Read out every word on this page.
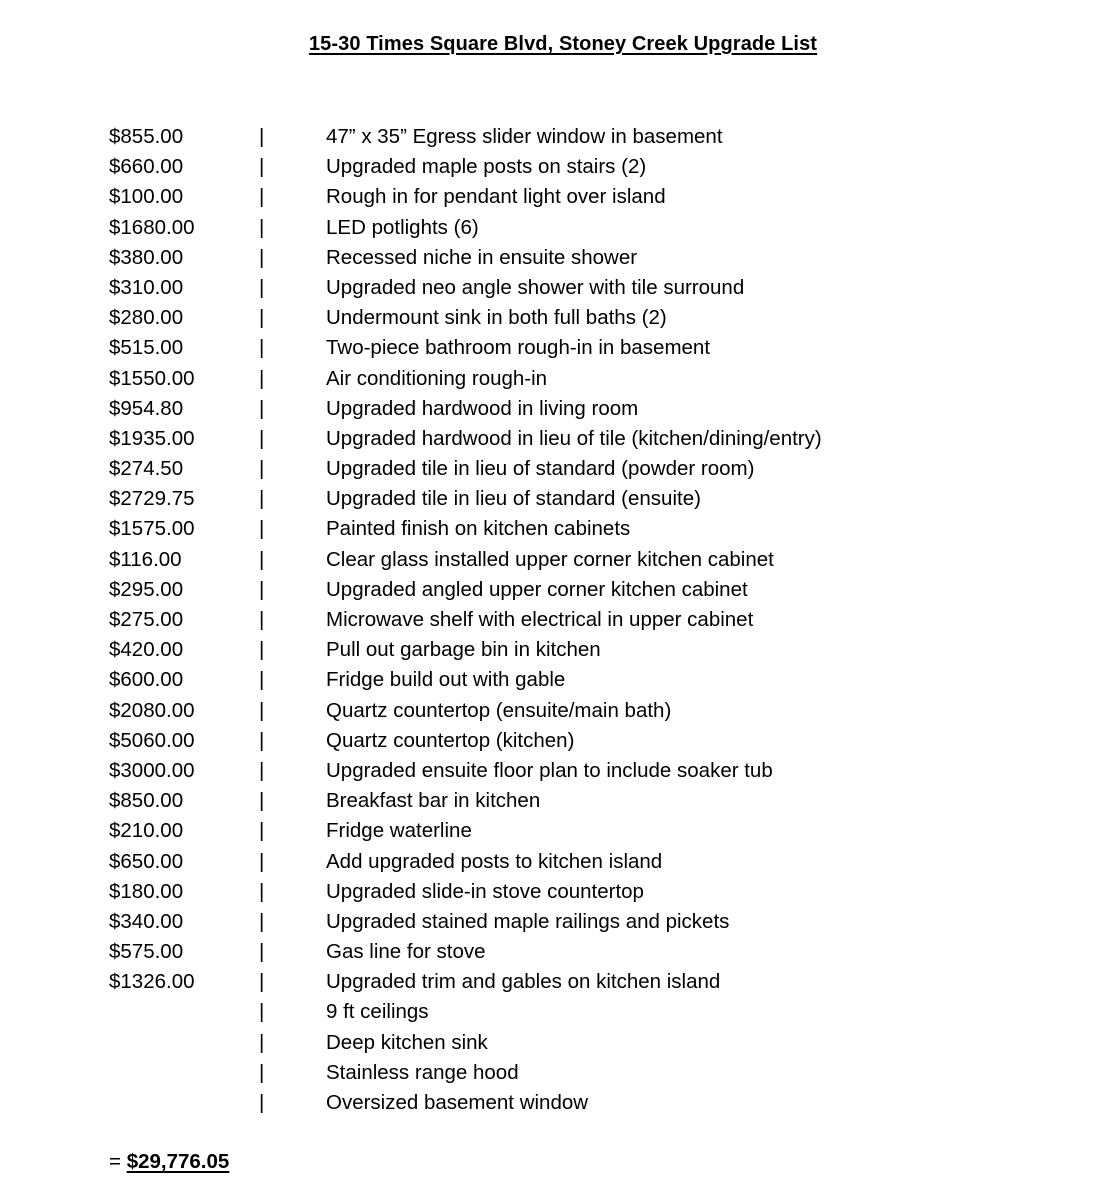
15-30 Times Square Blvd, Stoney Creek Upgrade List
$855.00	|	47” x 35” Egress slider window in basement
$660.00	|	Upgraded maple posts on stairs (2)
$100.00	|	Rough in for pendant light over island
$1680.00	|	LED potlights (6)
$380.00	|	Recessed niche in ensuite shower
$310.00	|	Upgraded neo angle shower with tile surround
$280.00	|	Undermount sink in both full baths (2)
$515.00	|	Two-piece bathroom rough-in in basement
$1550.00	|	Air conditioning rough-in
$954.80	|	Upgraded hardwood in living room
$1935.00	|	Upgraded hardwood in lieu of tile (kitchen/dining/entry)
$274.50	|	Upgraded tile in lieu of standard (powder room)
$2729.75	|	Upgraded tile in lieu of standard (ensuite)
$1575.00	|	Painted finish on kitchen cabinets
$116.00	|	Clear glass installed upper corner kitchen cabinet
$295.00	|	Upgraded angled upper corner kitchen cabinet
$275.00	|	Microwave shelf with electrical in upper cabinet
$420.00	|	Pull out garbage bin in kitchen
$600.00	|	Fridge build out with gable
$2080.00	|	Quartz countertop (ensuite/main bath)
$5060.00	|	Quartz countertop (kitchen)
$3000.00	|	Upgraded ensuite floor plan to include soaker tub
$850.00	|	Breakfast bar in kitchen
$210.00	|	Fridge waterline
$650.00	|	Add upgraded posts to kitchen island
$180.00	|	Upgraded slide-in stove countertop
$340.00	|	Upgraded stained maple railings and pickets
$575.00	|	Gas line for stove
$1326.00	|	Upgraded trim and gables on kitchen island
|	9 ft ceilings
|	Deep kitchen sink
|	Stainless range hood
|	Oversized basement window
= $29,776.05
